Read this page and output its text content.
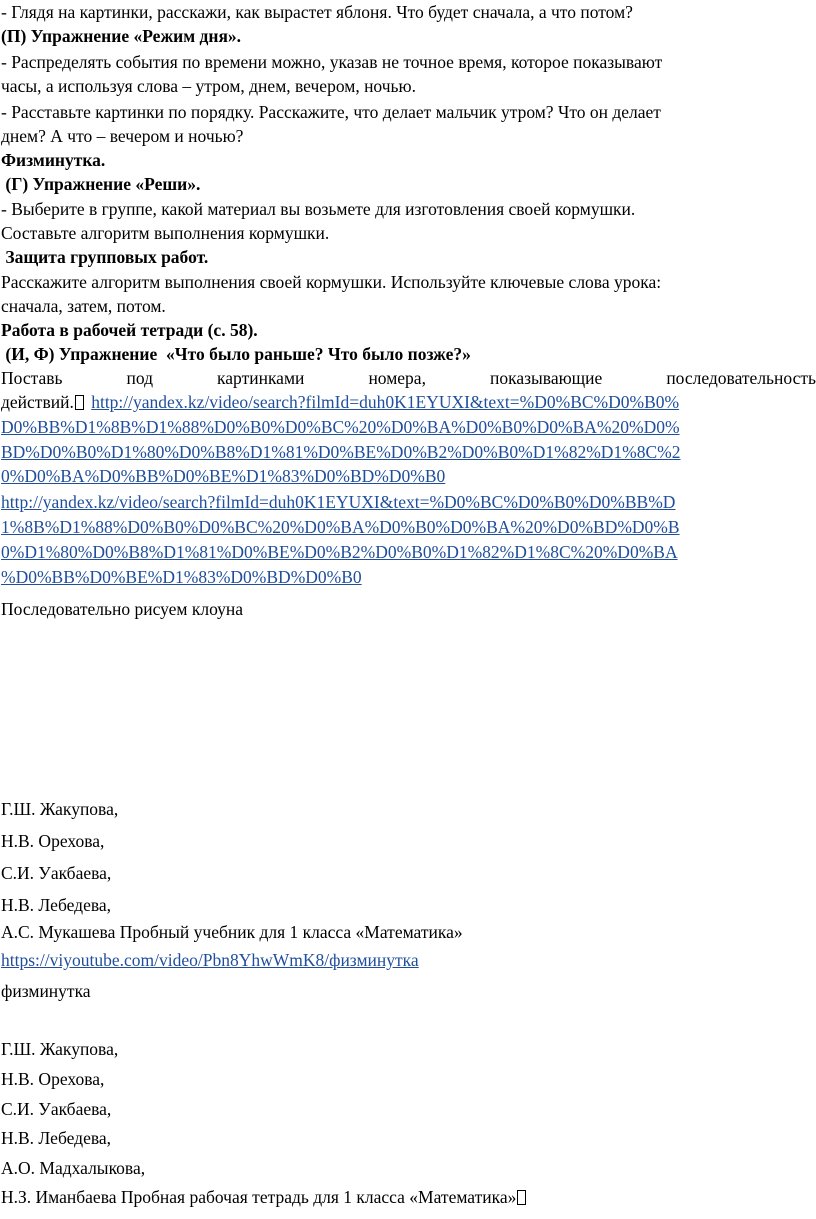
- Глядя на картинки, расскажи, как вырастет яблоня. Что будет сначала, а что потом?
(П) Упражнение «Режим дня».
- Распределять события по времени можно, указав не точное время, которое показывают
часы, а используя слова – утром, днем, вечером, ночью.
- Расставьте картинки по порядку. Расскажите, что делает мальчик утром? Что он делает
днем? А что – вечером и ночью?
Физминутка.
(Г) Упражнение «Реши».
- Выберите в группе, какой материал вы возьмете для изготовления своей кормушки.
Составьте алгоритм выполнения кормушки.
Защита групповых работ.
Расскажите алгоритм выполнения своей кормушки. Используйте ключевые слова урока:
сначала, затем, потом.
Работа в рабочей тетради (с. 58).
(И, Ф) Упражнение  «Что было раньше? Что было позже?»
Поставь	под	картинками	номера,	показывающие	последовательность
действий. http://yandex.kz/video/search?filmId=duh0K1EYUXI&text=%D0%BC%D0%B0%
D0%BB%D1%8B%D1%88%D0%B0%D0%BC%20%D0%BA%D0%B0%D0%BA%20%D0%
BD%D0%B0%D1%80%D0%B8%D1%81%D0%BE%D0%B2%D0%B0%D1%82%D1%8C%2
0%D0%BA%D0%BB%D0%BE%D1%83%D0%BD%D0%B0
http://yandex.kz/video/search?filmId=duh0K1EYUXI&text=%D0%BC%D0%B0%D0%BB%D
1%8B%D1%88%D0%B0%D0%BC%20%D0%BA%D0%B0%D0%BA%20%D0%BD%D0%B
0%D1%80%D0%B8%D1%81%D0%BE%D0%B2%D0%B0%D1%82%D1%8C%20%D0%BA
%D0%BB%D0%BE%D1%83%D0%BD%D0%B0
Последовательно рисуем клоуна
Г.Ш. Жакупова,
Н.В. Орехова,
С.И. Уакбаева,
Н.В. Лебедева,
А.С. Мукашева Пробный учебник для 1 класса «Математика»
https://viyoutube.com/video/Pbn8YhwWmK8/физминутка
физминутка
Г.Ш. Жакупова,
Н.В. Орехова,
С.И. Уакбаева,
Н.В. Лебедева,
А.О. Мадхалыкова,
Н.З. Иманбаева Пробная рабочая тетрадь для 1 класса «Математика»
